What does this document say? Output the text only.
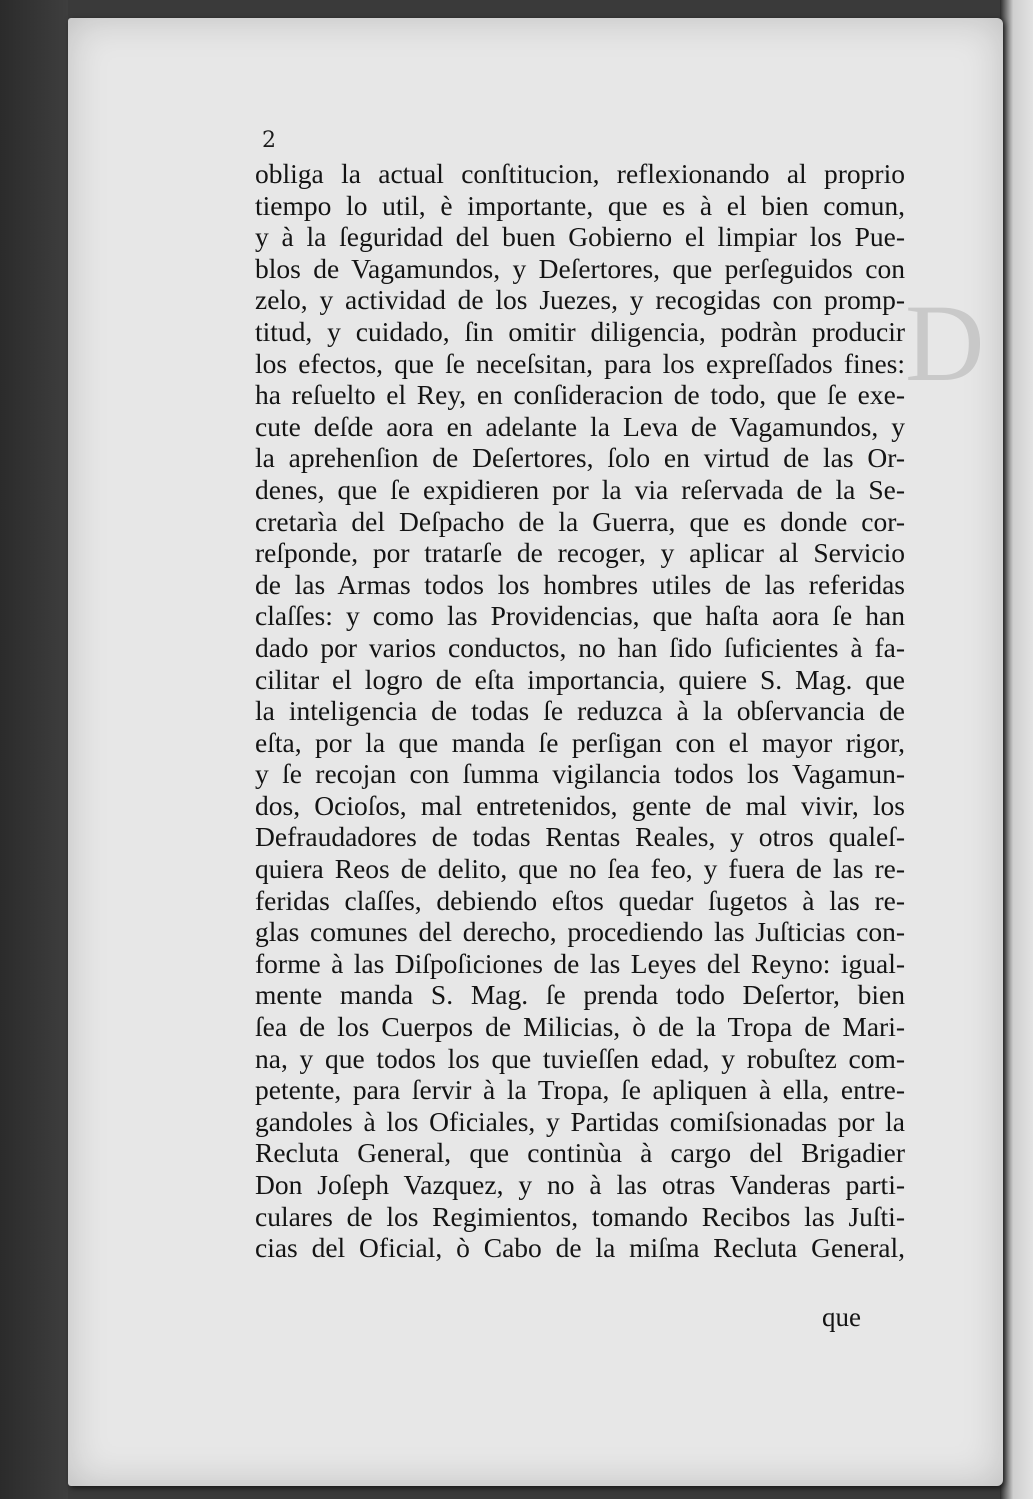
D

2

obliga la actual conſtitucion, reflexionando al proprio
tiempo lo util, è importante, que es à el bien comun,
y à la ſeguridad del buen Gobierno el limpiar los Pue-
blos de Vagamundos, y Deſertores, que perſeguidos con
zelo, y actividad de los Juezes, y recogidas con promp-
titud, y cuidado, ſin omitir diligencia, podràn producir
los efectos, que ſe neceſsitan, para los expreſſados fines:
ha reſuelto el Rey, en conſideracion de todo, que ſe exe-
cute deſde aora en adelante la Leva de Vagamundos, y
la aprehenſion de Deſertores, ſolo en virtud de las Or-
denes, que ſe expidieren por la via reſervada de la Se-
cretarìa del Deſpacho de la Guerra, que es donde cor-
reſponde, por tratarſe de recoger, y aplicar al Servicio
de las Armas todos los hombres utiles de las referidas
claſſes: y como las Providencias, que haſta aora ſe han
dado por varios conductos, no han ſido ſuficientes à fa-
cilitar el logro de eſta importancia, quiere S. Mag. que
la inteligencia de todas ſe reduzca à la obſervancia de
eſta, por la que manda ſe perſigan con el mayor rigor,
y ſe recojan con ſumma vigilancia todos los Vagamun-
dos, Ocioſos, mal entretenidos, gente de mal vivir, los
Defraudadores de todas Rentas Reales, y otros qualeſ-
quiera Reos de delito, que no ſea feo, y fuera de las re-
feridas claſſes, debiendo eſtos quedar ſugetos à las re-
glas comunes del derecho, procediendo las Juſticias con-
forme à las Diſpoſiciones de las Leyes del Reyno: igual-
mente manda S. Mag. ſe prenda todo Deſertor, bien
ſea de los Cuerpos de Milicias, ò de la Tropa de Mari-
na, y que todos los que tuvieſſen edad, y robuſtez com-
petente, para ſervir à la Tropa, ſe apliquen à ella, entre-
gandoles à los Oficiales, y Partidas comiſsionadas por la
Recluta General, que continùa à cargo del Brigadier
Don Joſeph Vazquez, y no à las otras Vanderas parti-
culares de los Regimientos, tomando Recibos las Juſti-
cias del Oficial, ò Cabo de la miſma Recluta General,

que
